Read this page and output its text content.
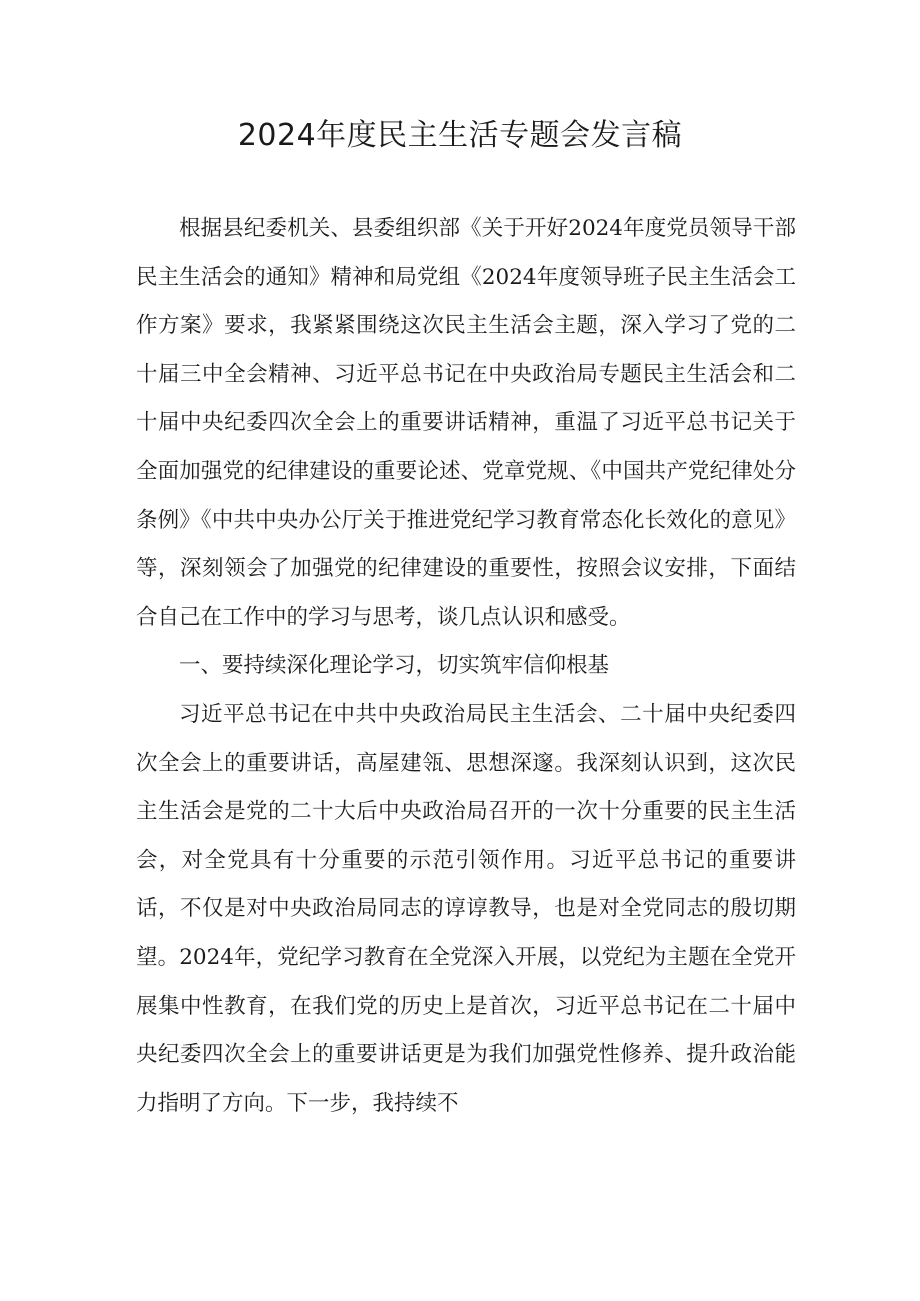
2024年度民主生活专题会发言稿

根据县纪委机关、县委组织部《关于开好2024年度党员领导干部民主生活会的通知》精神和局党组《2024年度领导班子民主生活会工作方案》要求，我紧紧围绕这次民主生活会主题，深入学习了党的二十届三中全会精神、习近平总书记在中央政治局专题民主生活会和二十届中央纪委四次全会上的重要讲话精神，重温了习近平总书记关于全面加强党的纪律建设的重要论述、党章党规、《中国共产党纪律处分条例》《中共中央办公厅关于推进党纪学习教育常态化长效化的意见》等，深刻领会了加强党的纪律建设的重要性，按照会议安排，下面结合自己在工作中的学习与思考，谈几点认识和感受。

一、要持续深化理论学习，切实筑牢信仰根基

习近平总书记在中共中央政治局民主生活会、二十届中央纪委四次全会上的重要讲话，高屋建瓴、思想深邃。我深刻认识到，这次民主生活会是党的二十大后中央政治局召开的一次十分重要的民主生活会，对全党具有十分重要的示范引领作用。习近平总书记的重要讲话，不仅是对中央政治局同志的谆谆教导，也是对全党同志的殷切期望。2024年，党纪学习教育在全党深入开展，以党纪为主题在全党开展集中性教育，在我们党的历史上是首次，习近平总书记在二十届中央纪委四次全会上的重要讲话更是为我们加强党性修养、提升政治能力指明了方向。下一步，我持续不
